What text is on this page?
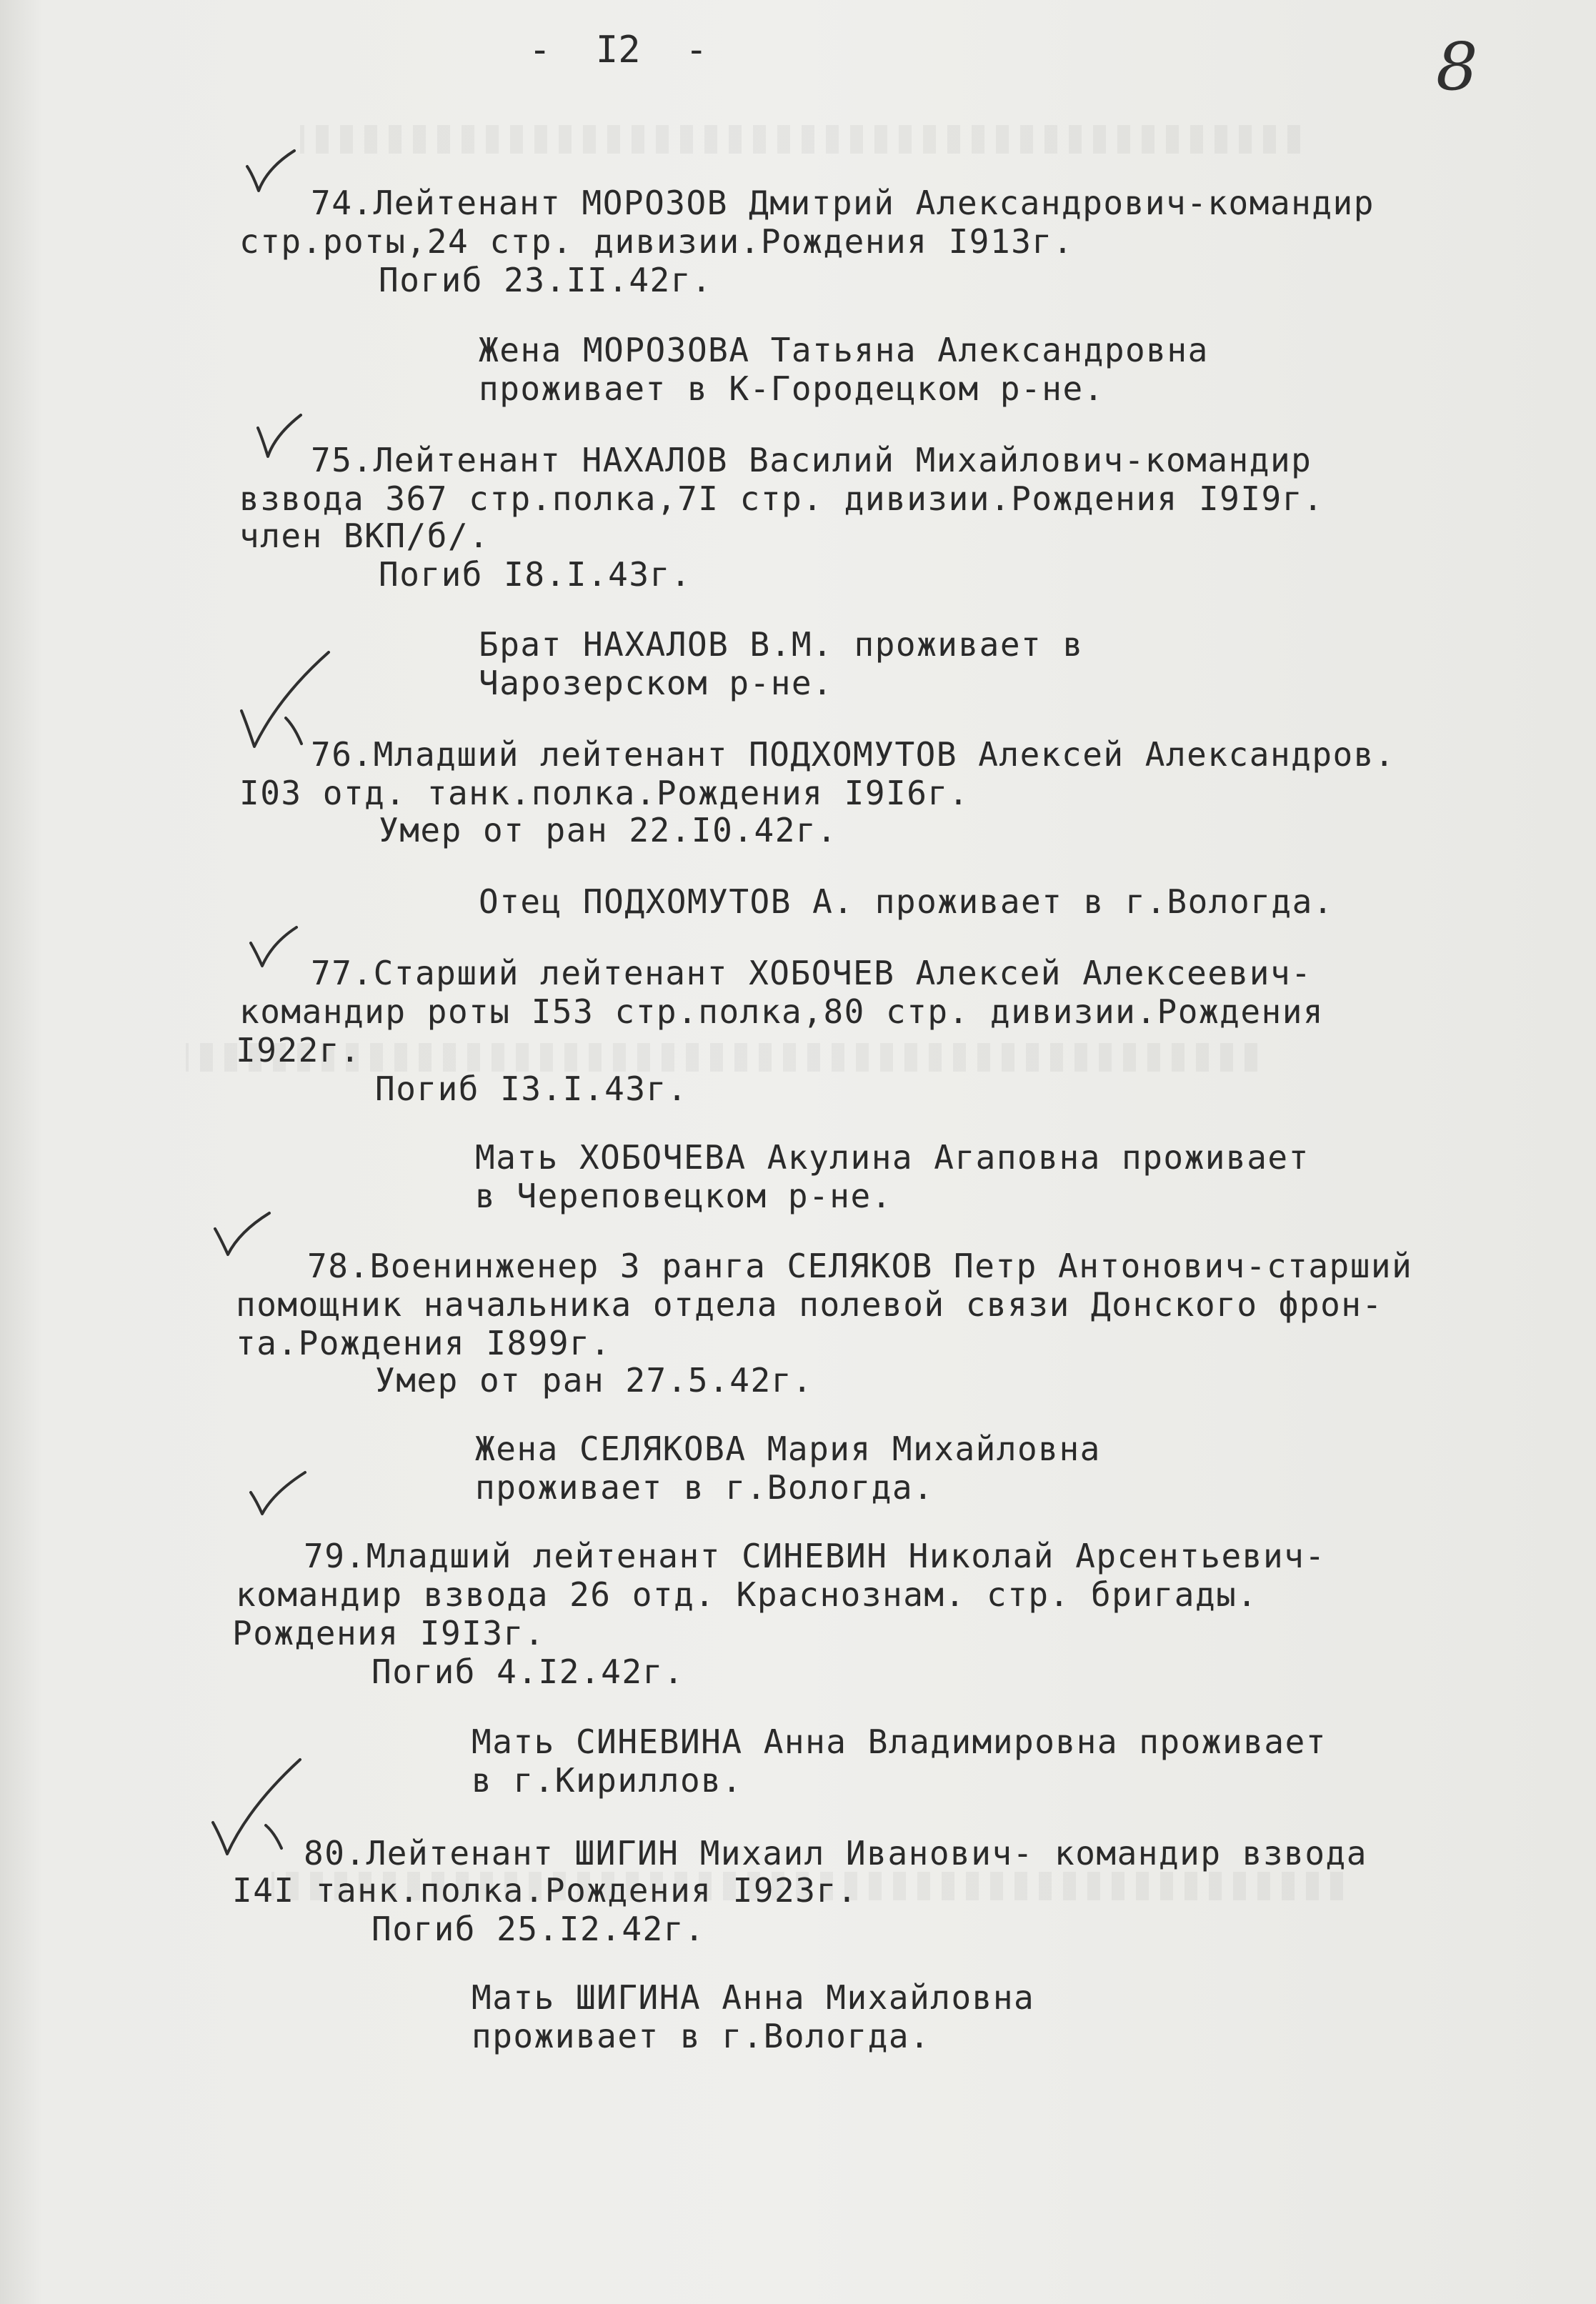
-  I2  -	8
74.Лейтенант МОРОЗОВ Дмитрий Александрович-командир
стр.роты,24 стр. дивизии.Рождения I913г.
Погиб 23.II.42г.
Жена МОРОЗОВА Татьяна Александровна
проживает в К-Городецком р-не.
75.Лейтенант НАХАЛОВ Василий Михайлович-командир
взвода 367 стр.полка,7I стр. дивизии.Рождения I9I9г.
член ВКП/б/.
Погиб I8.I.43г.
Брат НАХАЛОВ В.М. проживает в
Чарозерском р-не.
76.Младший лейтенант ПОДХОМУТОВ Алексей Александров.
I03 отд. танк.полка.Рождения I9I6г.
Умер от ран 22.I0.42г.
Отец ПОДХОМУТОВ А. проживает в г.Вологда.
77.Старший лейтенант ХОБОЧЕВ Алексей Алексеевич-
командир роты I53 стр.полка,80 стр. дивизии.Рождения
I922г.
Погиб I3.I.43г.
Мать ХОБОЧЕВА Акулина Агаповна проживает
в Череповецком р-не.
78.Военинженер 3 ранга СЕЛЯКОВ Петр Антонович-старший
помощник начальника отдела полевой связи Донского фрон-
та.Рождения I899г.
Умер от ран 27.5.42г.
Жена СЕЛЯКОВА Мария Михайловна
проживает в г.Вологда.
79.Младший лейтенант СИНЕВИН Николай Арсентьевич-
командир взвода 26 отд. Краснознам. стр. бригады.
Рождения I9I3г.
Погиб 4.I2.42г.
Мать СИНЕВИНА Анна Владимировна проживает
в г.Кириллов.
80.Лейтенант ШИГИН Михаил Иванович- командир взвода
I4I танк.полка.Рождения I923г.
Погиб 25.I2.42г.
Мать ШИГИНА Анна Михайловна
проживает в г.Вологда.
